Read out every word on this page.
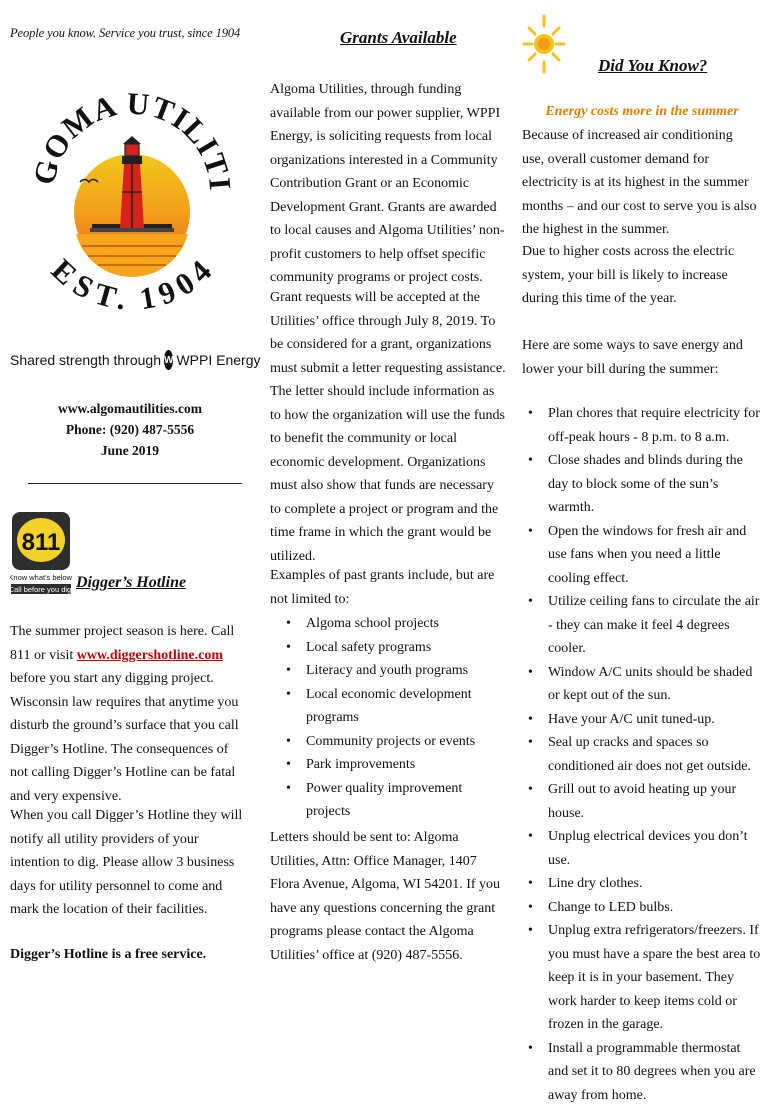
People you know. Service you trust, since 1904
OMA UTILI
EST. 1904
Shared strength through W WPPI Energy
www.algomautilities.com
Phone: (920) 487-5556
June 2019
811
Know what's below.
Call before you dig. Digger’s Hotline

The summer project season is here. Call 811 or visit www.diggershotline.com before you start any digging project. Wisconsin law requires that anytime you disturb the ground’s surface that you call Digger’s Hotline. The consequences of not calling Digger’s Hotline can be fatal and very expensive.

When you call Digger’s Hotline they will notify all utility providers of your intention to dig. Please allow 3 business days for utility personnel to come and mark the location of their facilities.

Digger’s Hotline is a free service.

Grants Available

Algoma Utilities, through funding available from our power supplier, WPPI Energy, is soliciting requests from local organizations interested in a Community Contribution Grant or an Economic Development Grant. Grants are awarded to local causes and Algoma Utilities’ non-profit customers to help offset specific community programs or project costs.

Grant requests will be accepted at the Utilities’ office through July 8, 2019. To be considered for a grant, organizations must submit a letter requesting assistance. The letter should include information as to how the organization will use the funds to benefit the community or local economic development. Organizations must also show that funds are necessary to complete a project or program and the time frame in which the grant would be utilized.

Examples of past grants include, but are not limited to:

• Algoma school projects
• Local safety programs
• Literacy and youth programs
• Local economic development programs
• Community projects or events
• Park improvements
• Power quality improvement projects

Letters should be sent to: Algoma Utilities, Attn: Office Manager, 1407 Flora Avenue, Algoma, WI 54201. If you have any questions concerning the grant programs please contact the Algoma Utilities’ office at (920) 487-5556.

Did You Know?
Energy costs more in the summer

Because of increased air conditioning use, overall customer demand for electricity is at its highest in the summer months – and our cost to serve you is also the highest in the summer.

Due to higher costs across the electric system, your bill is likely to increase during this time of the year.

Here are some ways to save energy and lower your bill during the summer:

• Plan chores that require electricity for off-peak hours - 8 p.m. to 8 a.m.
• Close shades and blinds during the day to block some of the sun’s warmth.
• Open the windows for fresh air and use fans when you need a little cooling effect.
• Utilize ceiling fans to circulate the air - they can make it feel 4 degrees cooler.
• Window A/C units should be shaded or kept out of the sun.
• Have your A/C unit tuned-up.
• Seal up cracks and spaces so conditioned air does not get outside.
• Grill out to avoid heating up your house.
• Unplug electrical devices you don’t use.
• Line dry clothes.
• Change to LED bulbs.
• Unplug extra refrigerators/freezers. If you must have a spare the best area to keep it is in your basement. They work harder to keep items cold or frozen in the garage.
• Install a programmable thermostat and set it to 80 degrees when you are away from home.
